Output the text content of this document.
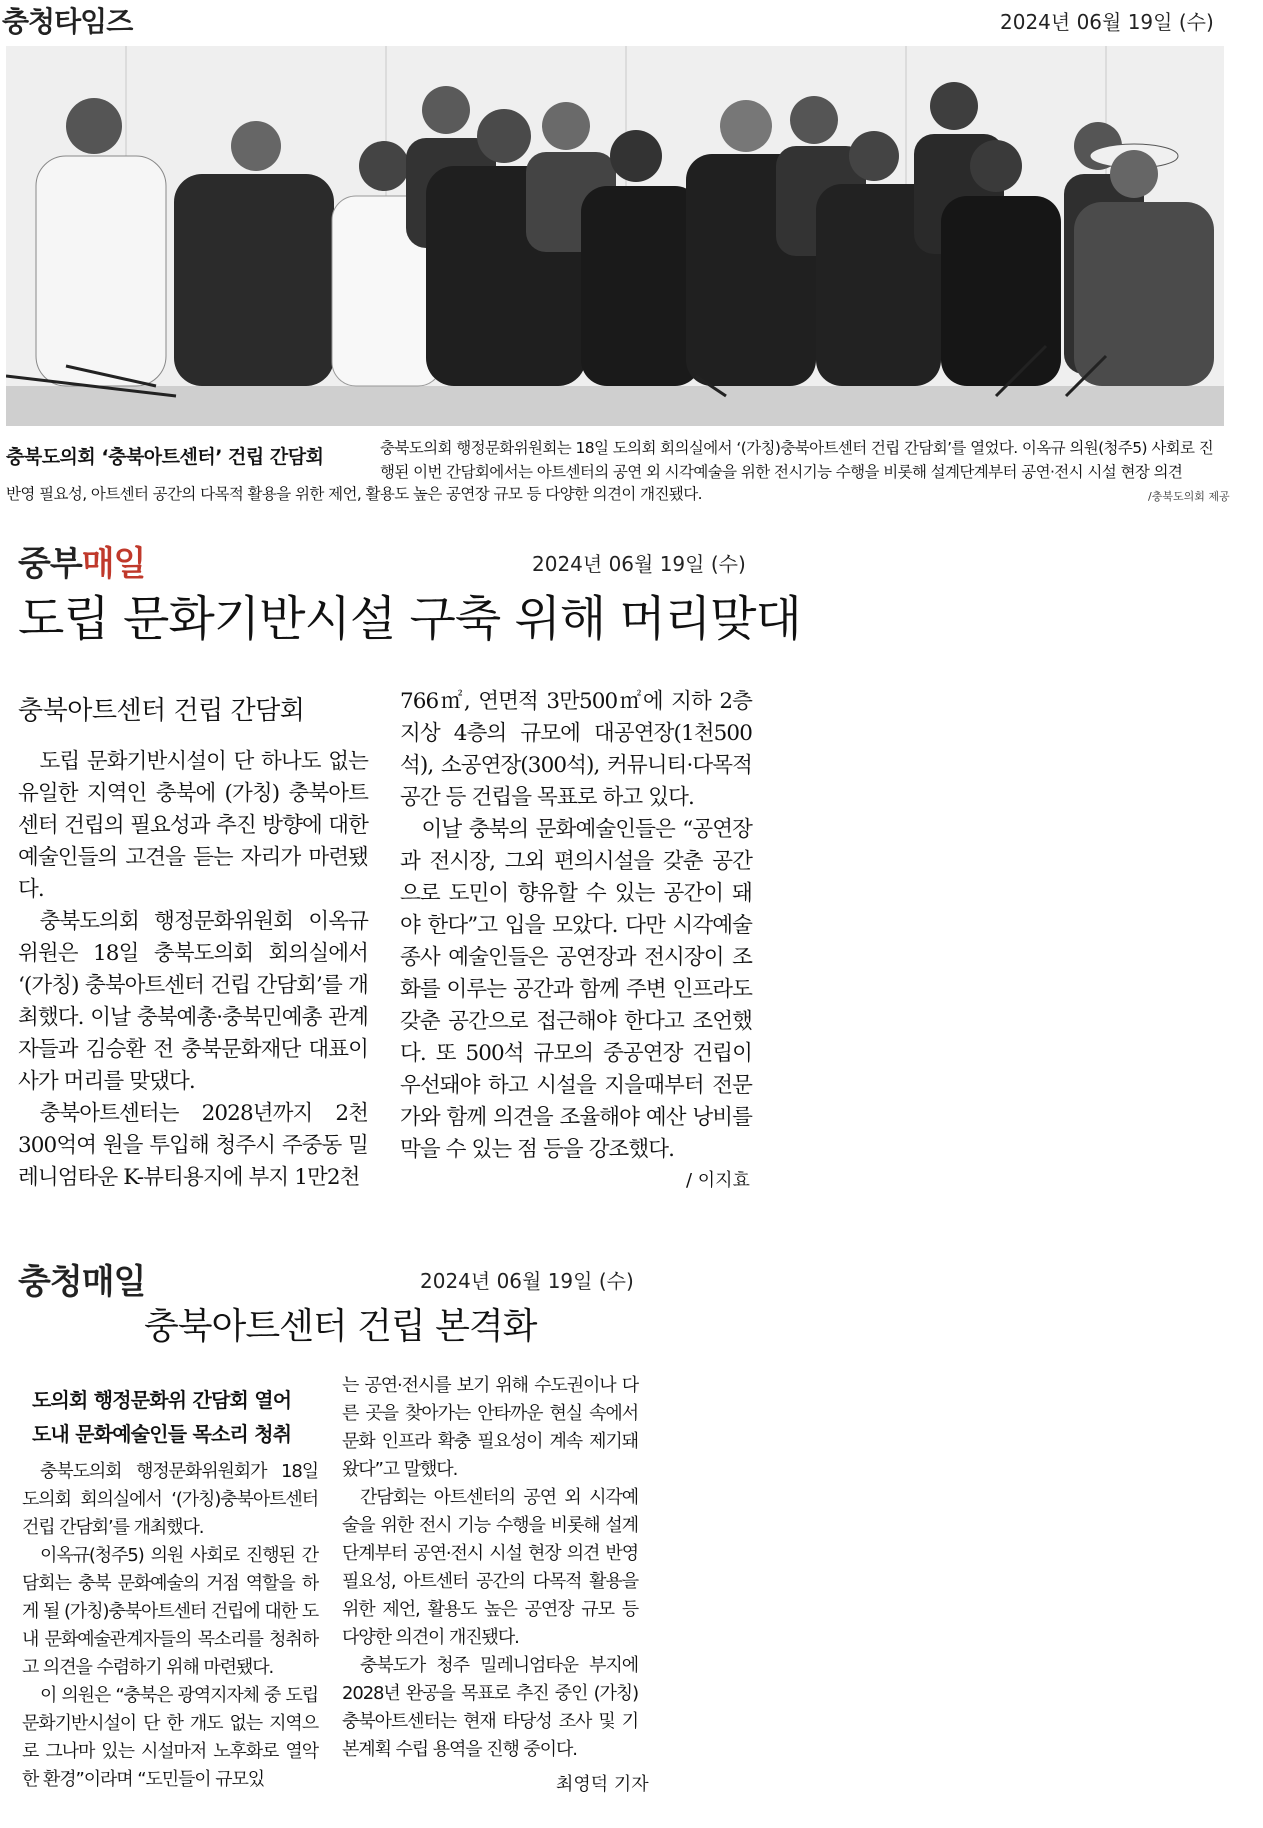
충청타임즈	2024년 06월 19일 (수)
충북도의회 ‘충북아트센터’ 건립 간담회	충북도의회 행정문화위원회는 18일 도의회 회의실에서 ‘(가칭)충북아트센터 건립 간담회’를 열었다. 이옥규 의원(청주5) 사회로 진행된 이번 간담회에서는 아트센터의 공연 외 시각예술을 위한 전시기능 수행을 비롯해 설계단계부터 공연·전시 시설 현장 의견
반영 필요성, 아트센터 공간의 다목적 활용을 위한 제언, 활용도 높은 공연장 규모 등 다양한 의견이 개진됐다.	/충북도의회 제공
중부매일	2024년 06월 19일 (수)
도립 문화기반시설 구축 위해 머리맞대
충북아트센터 건립 간담회

도립 문화기반시설이 단 하나도 없는 유일한 지역인 충북에 (가칭) 충북아트센터 건립의 필요성과 추진 방향에 대한 예술인들의 고견을 듣는 자리가 마련됐다.

충북도의회 행정문화위원회 이옥규 위원은 18일 충북도의회 회의실에서 ‘(가칭) 충북아트센터 건립 간담회’를 개최했다. 이날 충북예총·충북민예총 관계자들과 김승환 전 충북문화재단 대표이사가 머리를 맞댔다.

충북아트센터는 2028년까지 2천300억여 원을 투입해 청주시 주중동 밀레니엄타운 K-뷰티용지에 부지 1만2천

766㎡, 연면적 3만500㎡에 지하 2층 지상 4층의 규모에 대공연장(1천500석), 소공연장(300석), 커뮤니티·다목적 공간 등 건립을 목표로 하고 있다.

이날 충북의 문화예술인들은 “공연장과 전시장, 그외 편의시설을 갖춘 공간으로 도민이 향유할 수 있는 공간이 돼야 한다”고 입을 모았다. 다만 시각예술 종사 예술인들은 공연장과 전시장이 조화를 이루는 공간과 함께 주변 인프라도 갖춘 공간으로 접근해야 한다고 조언했다. 또 500석 규모의 중공연장 건립이 우선돼야 하고 시설을 지을때부터 전문가와 함께 의견을 조율해야 예산 낭비를 막을 수 있는 점 등을 강조했다.

/ 이지효
충청매일	2024년 06월 19일 (수)
충북아트센터 건립 본격화
도의회 행정문화위 간담회 열어
도내 문화예술인들 목소리 청취

충북도의회 행정문화위원회가 18일 도의회 회의실에서 ‘(가칭)충북아트센터 건립 간담회’를 개최했다.

이옥규(청주5) 의원 사회로 진행된 간담회는 충북 문화예술의 거점 역할을 하게 될 (가칭)충북아트센터 건립에 대한 도내 문화예술관계자들의 목소리를 청취하고 의견을 수렴하기 위해 마련됐다.

이 의원은 “충북은 광역지자체 중 도립문화기반시설이 단 한 개도 없는 지역으로 그나마 있는 시설마저 노후화로 열악한 환경”이라며 “도민들이 규모있

는 공연·전시를 보기 위해 수도권이나 다른 곳을 찾아가는 안타까운 현실 속에서 문화 인프라 확충 필요성이 계속 제기돼 왔다”고 말했다.

간담회는 아트센터의 공연 외 시각예술을 위한 전시 기능 수행을 비롯해 설계단계부터 공연·전시 시설 현장 의견 반영 필요성, 아트센터 공간의 다목적 활용을 위한 제언, 활용도 높은 공연장 규모 등 다양한 의견이 개진됐다.

충북도가 청주 밀레니엄타운 부지에 2028년 완공을 목표로 추진 중인 (가칭)충북아트센터는 현재 타당성 조사 및 기본계획 수립 용역을 진행 중이다.

최영덕 기자
